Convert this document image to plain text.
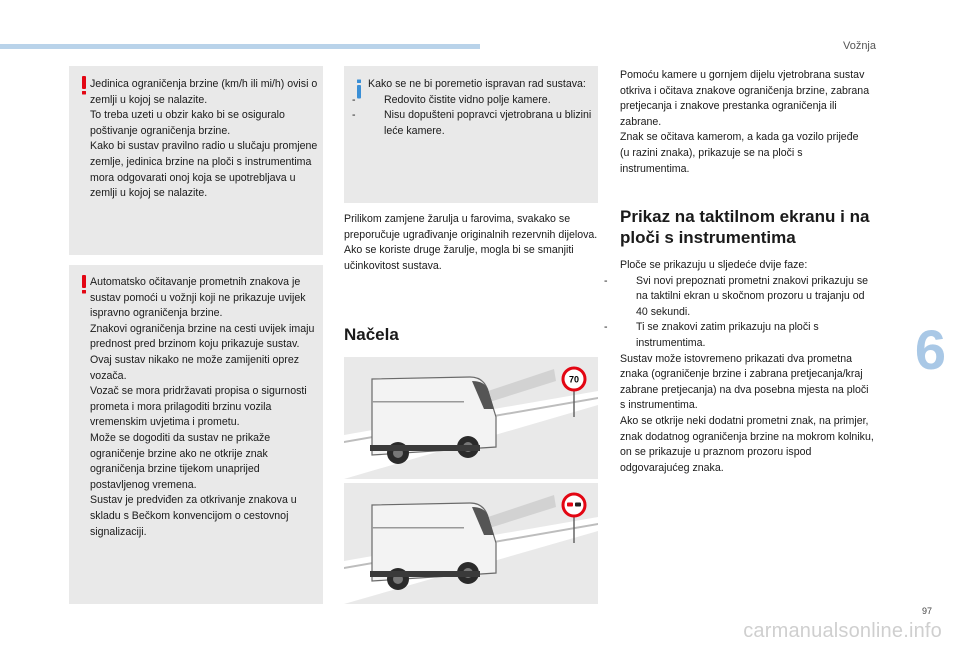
Vožnja
6
97
carmanualsonline.info

Jedinica ograničenja brzine (km/h ili mi/h) ovisi o zemlji u kojoj se nalazite.
To treba uzeti u obzir kako bi se osiguralo poštivanje ograničenja brzine.
Kako bi sustav pravilno radio u slučaju promjene zemlje, jedinica brzine na ploči s instrumentima mora odgovarati onoj koja se upotrebljava u zemlji u kojoj se nalazite.

Automatsko očitavanje prometnih znakova je sustav pomoći u vožnji koji ne prikazuje uvijek ispravno ograničenja brzine.
Znakovi ograničenja brzine na cesti uvijek imaju prednost pred brzinom koju prikazuje sustav.
Ovaj sustav nikako ne može zamijeniti oprez vozača.
Vozač se mora pridržavati propisa o sigurnosti prometa i mora prilagoditi brzinu vozila vremenskim uvjetima i prometu.
Može se dogoditi da sustav ne prikaže ograničenje brzine ako ne otkrije znak ograničenja brzine tijekom unaprijed postavljenog vremena.
Sustav je predviđen za otkrivanje znakova u skladu s Bečkom konvencijom o cestovnoj signalizaciji.

Kako se ne bi poremetio ispravan rad sustava:

-	Redovito čistite vidno polje kamere.
-	Nisu dopušteni popravci vjetrobrana u blizini leće kamere.

Prilikom zamjene žarulja u farovima, svakako se preporučuje ugrađivanje originalnih rezervnih dijelova.
Ako se koriste druge žarulje, mogla bi se smanjiti učinkovitost sustava.

Načela
70

Pomoću kamere u gornjem dijelu vjetrobrana sustav otkriva i očitava znakove ograničenja brzine, zabrana pretjecanja i znakove prestanka ograničenja ili zabrane.
Znak se očitava kamerom, a kada ga vozilo prijeđe (u razini znaka), prikazuje se na ploči s instrumentima.

Prikaz na taktilnom ekranu i na ploči s instrumentima

Ploče se prikazuju u sljedeće dvije faze:

-	Svi novi prepoznati prometni znakovi prikazuju se na taktilni ekran u skočnom prozoru u trajanju od 40 sekundi.
-	Ti se znakovi zatim prikazuju na ploči s instrumentima.
Sustav može istovremeno prikazati dva prometna znaka (ograničenje brzine i zabrana pretjecanja/kraj zabrane pretjecanja) na dva posebna mjesta na ploči s instrumentima.
Ako se otkrije neki dodatni prometni znak, na primjer, znak dodatnog ograničenja brzine na mokrom kolniku, on se prikazuje u praznom prozoru ispod odgovarajućeg znaka.
